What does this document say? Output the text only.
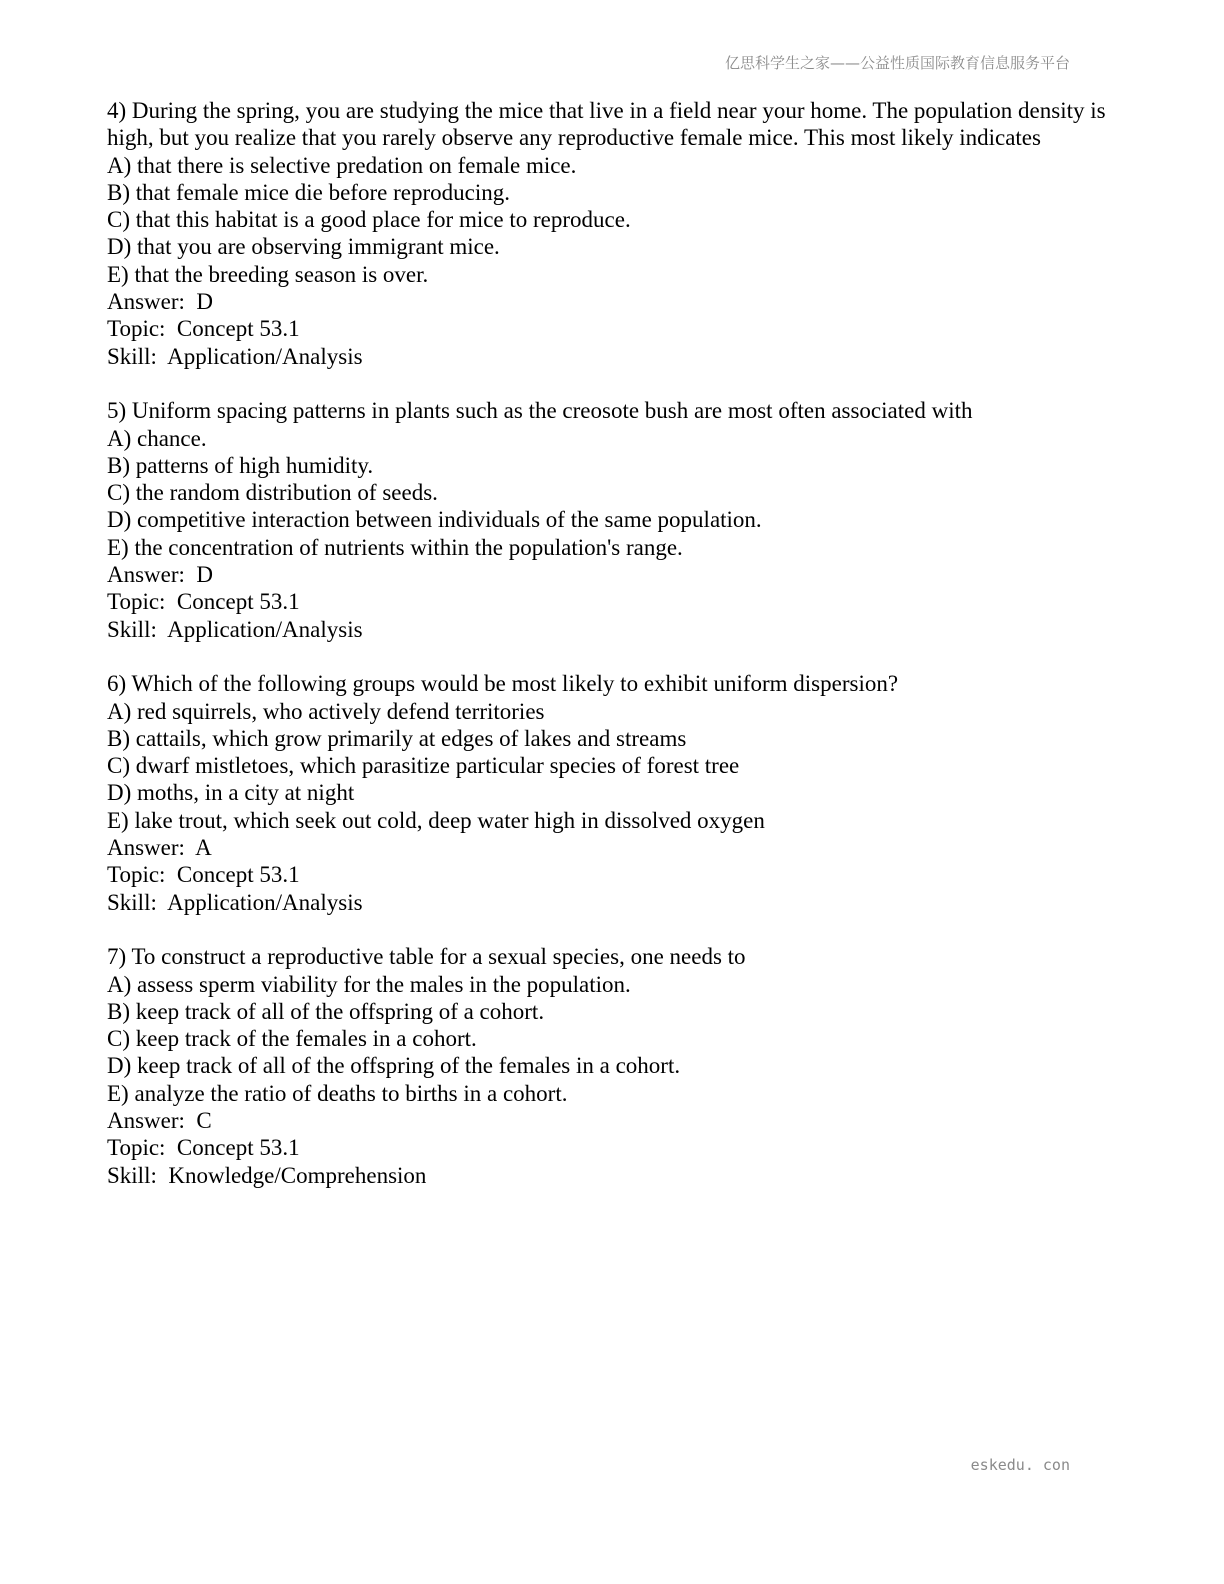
亿思科学生之家——公益性质国际教育信息服务平台
4) During the spring, you are studying the mice that live in a field near your home. The population density is high, but you realize that you rarely observe any reproductive female mice. This most likely indicates
A) that there is selective predation on female mice.
B) that female mice die before reproducing.
C) that this habitat is a good place for mice to reproduce.
D) that you are observing immigrant mice.
E) that the breeding season is over.
Answer:  D
Topic:  Concept 53.1
Skill:  Application/Analysis
5) Uniform spacing patterns in plants such as the creosote bush are most often associated with
A) chance.
B) patterns of high humidity.
C) the random distribution of seeds.
D) competitive interaction between individuals of the same population.
E) the concentration of nutrients within the population's range.
Answer:  D
Topic:  Concept 53.1
Skill:  Application/Analysis
6) Which of the following groups would be most likely to exhibit uniform dispersion?
A) red squirrels, who actively defend territories
B) cattails, which grow primarily at edges of lakes and streams
C) dwarf mistletoes, which parasitize particular species of forest tree
D) moths, in a city at night
E) lake trout, which seek out cold, deep water high in dissolved oxygen
Answer:  A
Topic:  Concept 53.1
Skill:  Application/Analysis
7) To construct a reproductive table for a sexual species, one needs to
A) assess sperm viability for the males in the population.
B) keep track of all of the offspring of a cohort.
C) keep track of the females in a cohort.
D) keep track of all of the offspring of the females in a cohort.
E) analyze the ratio of deaths to births in a cohort.
Answer:  C
Topic:  Concept 53.1
Skill:  Knowledge/Comprehension
eskedu. con
